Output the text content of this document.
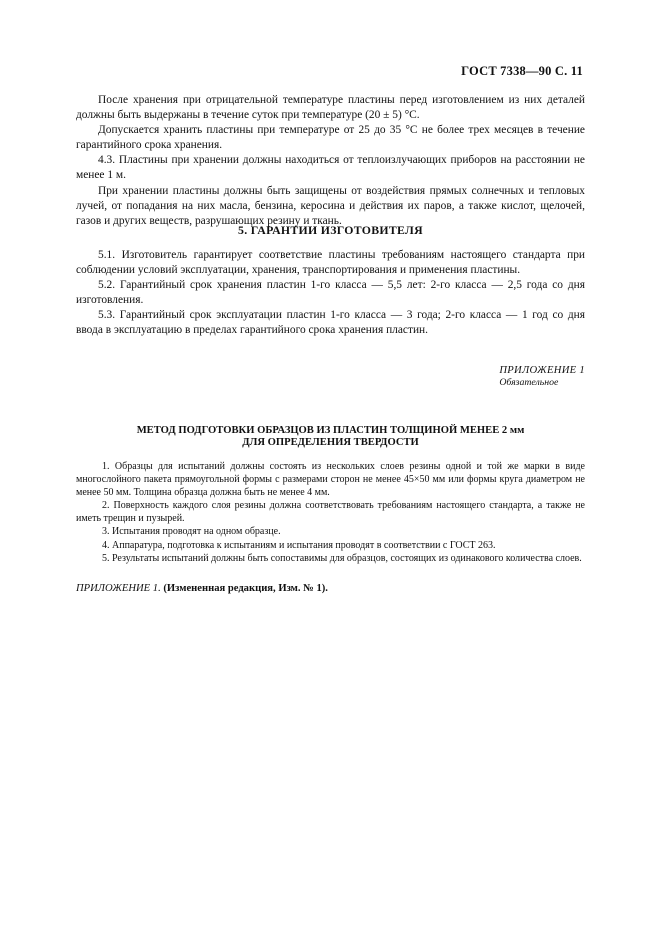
ГОСТ 7338—90 С. 11

После хранения при отрицательной температуре пластины перед изготовлением из них деталей должны быть выдержаны в течение суток при температуре (20 ± 5) °С.

Допускается хранить пластины при температуре от 25 до 35 °С не более трех месяцев в течение гарантийного срока хранения.

4.3. Пластины при хранении должны находиться от теплоизлучающих приборов на расстоянии не менее 1 м.

При хранении пластины должны быть защищены от воздействия прямых солнечных и тепловых лучей, от попадания на них масла, бензина, керосина и действия их паров, а также кислот, щелочей, газов и других веществ, разрушающих резину и ткань.

5. ГАРАНТИИ ИЗГОТОВИТЕЛЯ

5.1. Изготовитель гарантирует соответствие пластины требованиям настоящего стандарта при соблюдении условий эксплуатации, хранения, транспортирования и применения пластины.

5.2. Гарантийный срок хранения пластин 1-го класса — 5,5 лет: 2-го класса — 2,5 года со дня изготовления.

5.3. Гарантийный срок эксплуатации пластин 1-го класса — 3 года; 2-го класса — 1 год со дня ввода в эксплуатацию в пределах гарантийного срока хранения пластин.

ПРИЛОЖЕНИЕ 1
Обязательное
МЕТОД ПОДГОТОВКИ ОБРАЗЦОВ ИЗ ПЛАСТИН ТОЛЩИНОЙ МЕНЕЕ 2 мм
ДЛЯ ОПРЕДЕЛЕНИЯ ТВЕРДОСТИ

1. Образцы для испытаний должны состоять из нескольких слоев резины одной и той же марки в виде многослойного пакета прямоугольной формы с размерами сторон не менее 45×50 мм или формы круга диаметром не менее 50 мм. Толщина образца должна быть не менее 4 мм.

2. Поверхность каждого слоя резины должна соответствовать требованиям настоящего стандарта, а также не иметь трещин и пузырей.

3. Испытания проводят на одном образце.

4. Аппаратура, подготовка к испытаниям и испытания проводят в соответствии с ГОСТ 263.

5. Результаты испытаний должны быть сопоставимы для образцов, состоящих из одинакового количества слоев.

ПРИЛОЖЕНИЕ 1. (Измененная редакция, Изм. № 1).
